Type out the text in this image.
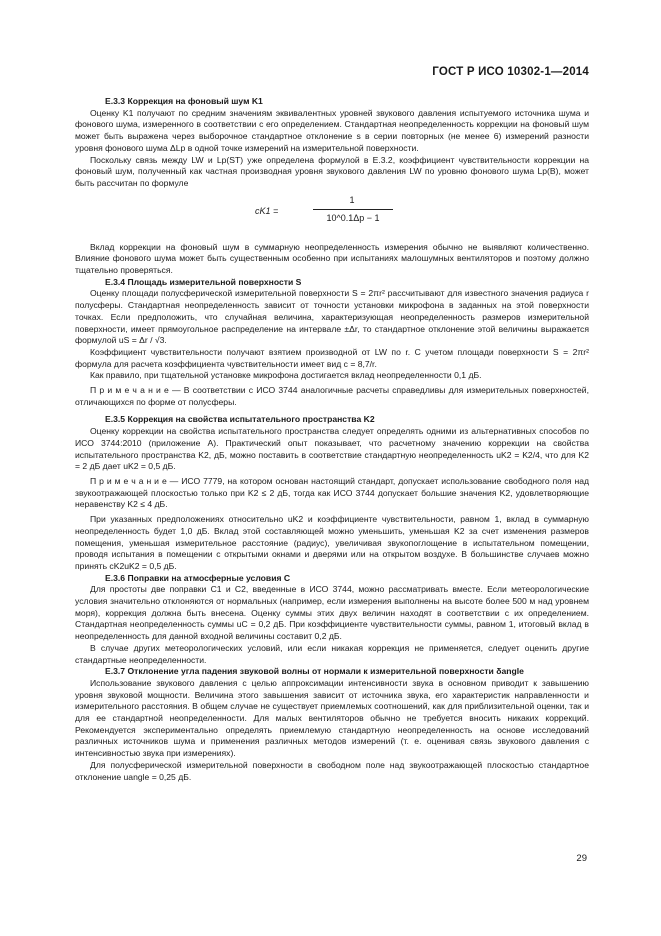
ГОСТ Р ИСО 10302-1—2014

Е.3.3 Коррекция на фоновый шум K1

Оценку K1 получают по средним значениям эквивалентных уровней звукового давления испытуемого источника шума и фонового шума, измеренного в соответствии с его определением. Стандартная неопределенность коррекции на фоновый шум может быть выражена через выборочное стандартное отклонение s в серии повторных (не менее 6) измерений разности уровня фонового шума ΔLp в одной точке измерений на измерительной поверхности.

Поскольку связь между LW и Lp(ST) уже определена формулой в Е.3.2, коэффициент чувствительности коррекции на фоновый шум, полученный как частная производная уровня звукового давления LW по уровню фонового шума Lp(B), может быть рассчитан по формуле

cK1 =
1
10^0.1Δp − 1

Вклад коррекции на фоновый шум в суммарную неопределенность измерения обычно не выявляют количественно. Влияние фонового шума может быть существенным особенно при испытаниях малошумных вентиляторов и поэтому должно тщательно проверяться.

Е.3.4 Площадь измерительной поверхности S

Оценку площади полусферической измерительной поверхности S = 2πr² рассчитывают для известного значения радиуса r полусферы. Стандартная неопределенность зависит от точности установки микрофона в заданных на этой поверхности точках. Если предположить, что случайная величина, характеризующая неопределенность размеров измерительной поверхности, имеет прямоугольное распределение на интервале ±Δr, то стандартное отклонение этой величины выражается формулой uS = Δr / √3.

Коэффициент чувствительности получают взятием производной от LW по r. С учетом площади поверхности S = 2πr² формула для расчета коэффициента чувствительности имеет вид c = 8,7/r.

Как правило, при тщательной установке микрофона достигается вклад неопределенности 0,1 дБ.

П р и м е ч а н и е — В соответствии с ИСО 3744 аналогичные расчеты справедливы для измерительных поверхностей, отличающихся по форме от полусферы.

Е.3.5 Коррекция на свойства испытательного пространства K2

Оценку коррекции на свойства испытательного пространства следует определять одними из альтернативных способов по ИСО 3744:2010 (приложение А). Практический опыт показывает, что расчетному значению коррекции на свойства испытательного пространства K2, дБ, можно поставить в соответствие стандартную неопределенность uK2 = K2/4, что для K2 = 2 дБ дает uK2 = 0,5 дБ.

П р и м е ч а н и е — ИСО 7779, на котором основан настоящий стандарт, допускает использование свободного поля над звукоотражающей плоскостью только при K2 ≤ 2 дБ, тогда как ИСО 3744 допускает большие значения K2, удовлетворяющие неравенству K2 ≤ 4 дБ.

При указанных предположениях относительно uK2 и коэффициенте чувствительности, равном 1, вклад в суммарную неопределенность будет 1,0 дБ. Вклад этой составляющей можно уменьшить, уменьшая K2 за счет изменения размеров помещения, уменьшая измерительное расстояние (радиус), увеличивая звукопоглощение в испытательном помещении, проводя испытания в помещении с открытыми окнами и дверями или на открытом воздухе. В большинстве случаев можно принять cK2uK2 = 0,5 дБ.

Е.3.6 Поправки на атмосферные условия C

Для простоты две поправки C1 и C2, введенные в ИСО 3744, можно рассматривать вместе. Если метеорологические условия значительно отклоняются от нормальных (например, если измерения выполнены на высоте более 500 м над уровнем моря), коррекция должна быть внесена. Оценку суммы этих двух величин находят в соответствии с их определением. Стандартная неопределенность суммы uC = 0,2 дБ. При коэффициенте чувствительности суммы, равном 1, итоговый вклад в неопределенность для данной входной величины составит 0,2 дБ.

В случае других метеорологических условий, или если никакая коррекция не применяется, следует оценить другие стандартные неопределенности.

Е.3.7 Отклонение угла падения звуковой волны от нормали к измерительной поверхности δangle

Использование звукового давления с целью аппроксимации интенсивности звука в основном приводит к завышению уровня звуковой мощности. Величина этого завышения зависит от источника звука, его характеристик направленности и измерительного расстояния. В общем случае не существует приемлемых соотношений, как для приблизительной оценки, так и для ее стандартной неопределенности. Для малых вентиляторов обычно не требуется вносить никаких коррекций. Рекомендуется экспериментально определять приемлемую стандартную неопределенность на основе исследований различных источников шума и применения различных методов измерений (т. е. оценивая связь звукового давления с интенсивностью звука при измерениях).

Для полусферической измерительной поверхности в свободном поле над звукоотражающей плоскостью стандартное отклонение uangle = 0,25 дБ.

29
